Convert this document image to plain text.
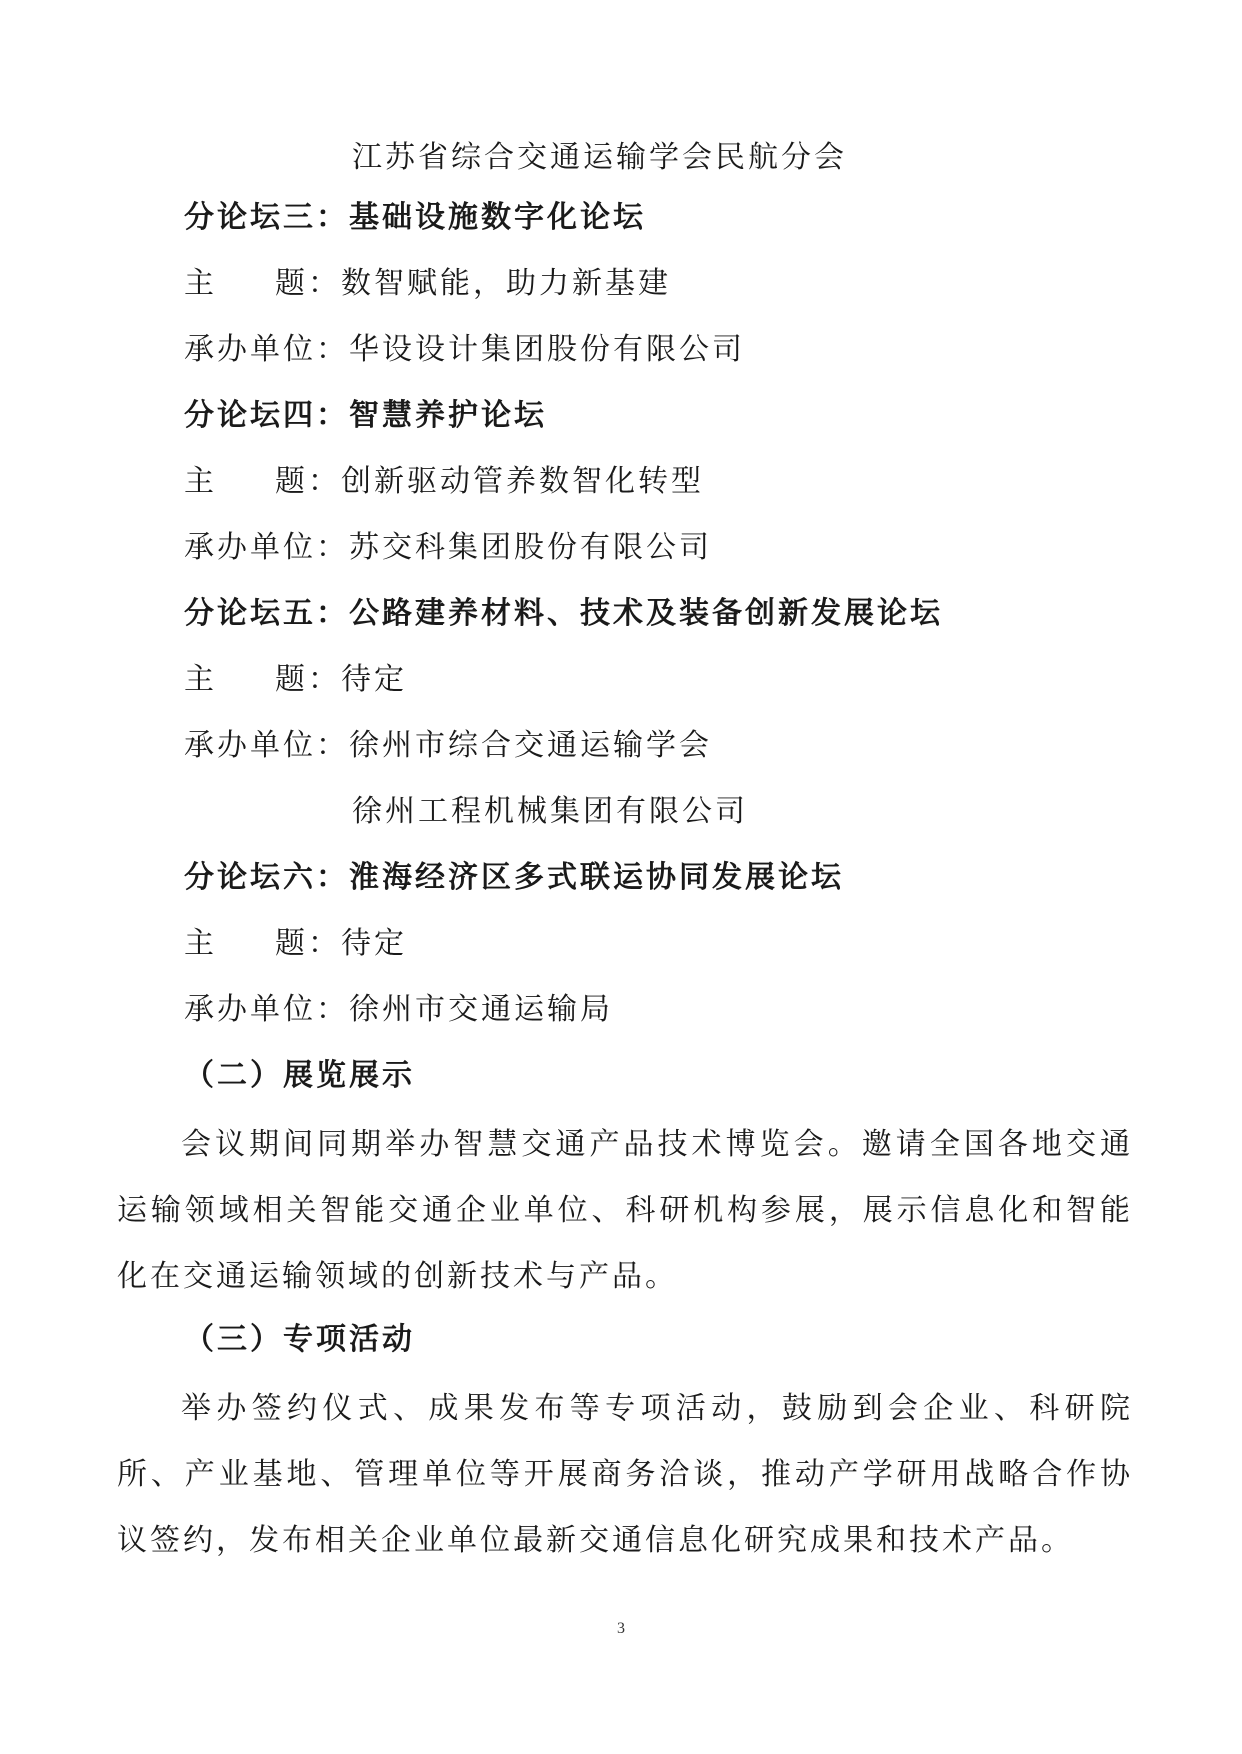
江苏省综合交通运输学会民航分会
分论坛三：基础设施数字化论坛
主 题：数智赋能，助力新基建
承办单位：华设设计集团股份有限公司
分论坛四：智慧养护论坛
主 题：创新驱动管养数智化转型
承办单位：苏交科集团股份有限公司
分论坛五：公路建养材料、技术及装备创新发展论坛
主 题：待定
承办单位：徐州市综合交通运输学会
徐州工程机械集团有限公司
分论坛六：淮海经济区多式联运协同发展论坛
主 题：待定
承办单位：徐州市交通运输局
（二）展览展示
会议期间同期举办智慧交通产品技术博览会。邀请全国各地交通运输领域相关智能交通企业单位、科研机构参展，展示信息化和智能化在交通运输领域的创新技术与产品。
（三）专项活动
举办签约仪式、成果发布等专项活动，鼓励到会企业、科研院所、产业基地、管理单位等开展商务洽谈，推动产学研用战略合作协议签约，发布相关企业单位最新交通信息化研究成果和技术产品。
3
